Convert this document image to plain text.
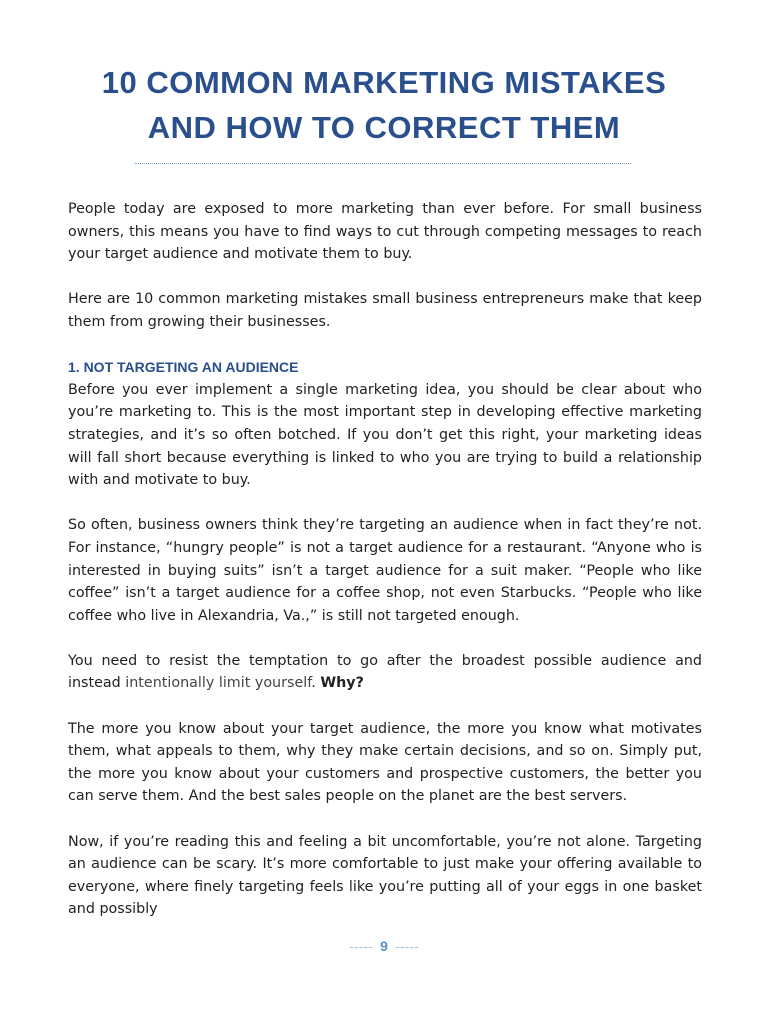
10 COMMON MARKETING MISTAKES
AND HOW TO CORRECT THEM

People today are exposed to more marketing than ever before. For small business owners, this means you have to find ways to cut through competing messages to reach your target audience and motivate them to buy.

Here are 10 common marketing mistakes small business entrepreneurs make that keep them from growing their businesses.

1. NOT TARGETING AN AUDIENCE

Before you ever implement a single marketing idea, you should be clear about who you’re marketing to. This is the most important step in developing effective marketing strategies, and it’s so often botched. If you don’t get this right, your marketing ideas will fall short because everything is linked to who you are trying to build a relationship with and motivate to buy.

So often, business owners think they’re targeting an audience when in fact they’re not. For instance, “hungry people” is not a target audience for a restaurant. “Anyone who is interested in buying suits” isn’t a target audience for a suit maker. “People who like coffee” isn’t a target audience for a coffee shop, not even Starbucks. “People who like coffee who live in Alexandria, Va.,” is still not targeted enough.

You need to resist the temptation to go after the broadest possible audience and instead intentionally limit yourself. Why?

The more you know about your target audience, the more you know what motivates them, what appeals to them, why they make certain decisions, and so on. Simply put, the more you know about your customers and prospective customers, the better you can serve them. And the best sales people on the planet are the best servers.

Now, if you’re reading this and feeling a bit uncomfortable, you’re not alone. Targeting an audience can be scary. It’s more comfortable to just make your offering available to everyone, where finely targeting feels like you’re putting all of your eggs in one basket and possibly

9
